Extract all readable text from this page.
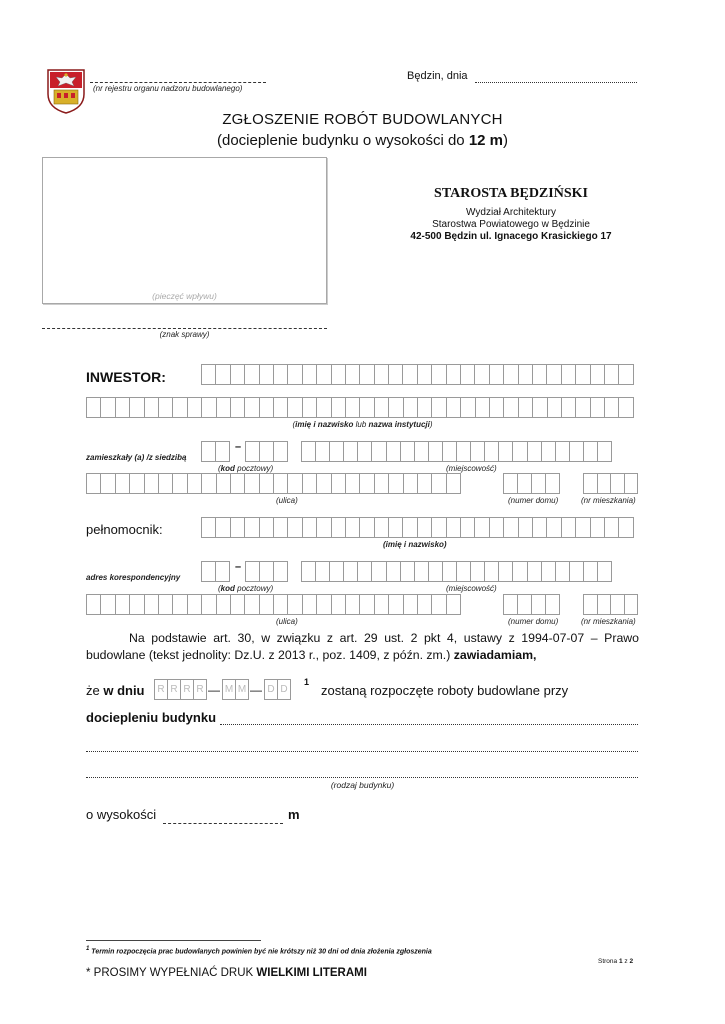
(nr rejestru organu nadzoru budowlanego)
Będzin, dnia
ZGŁOSZENIE ROBÓT BUDOWLANYCH
(docieplenie budynku o wysokości do 12 m)
(pieczęć wpływu)
(znak sprawy)
STAROSTA BĘDZIŃSKI
Wydział Architektury
Starostwa Powiatowego w Będzinie
42-500 Będzin ul. Ignacego Krasickiego 17
INWESTOR:
(imię i nazwisko lub nazwa instytucji)
zamieszkały (a) /z siedzibą
–
(kod pocztowy)	(miejscowość)
(ulica)	(numer domu)	(nr mieszkania)
pełnomocnik:
(imię i nazwisko)
adres korespondencyjny
–
(kod pocztowy)	(miejscowość)
(ulica)	(numer domu)	(nr mieszkania)
Na podstawie art. 30, w związku z art. 29 ust. 2 pkt 4, ustawy z 1994-07-07 – Prawo budowlane (tekst jednolity: Dz.U. z 2013 r., poz. 1409, z późn. zm.) zawiadamiam,
że w dniu	R R R R — M M — D D
1
zostaną rozpoczęte roboty budowlane przy
dociepleniu budynku
(rodzaj budynku)
o wysokości	m
$^1$ Termin rozpoczęcia prac budowlanych powinien być nie krótszy niż 30 dni od dnia złożenia zgłoszenia
Strona 1 z 2
* PROSIMY WYPEŁNIAĆ DRUK WIELKIMI LITERAMI
